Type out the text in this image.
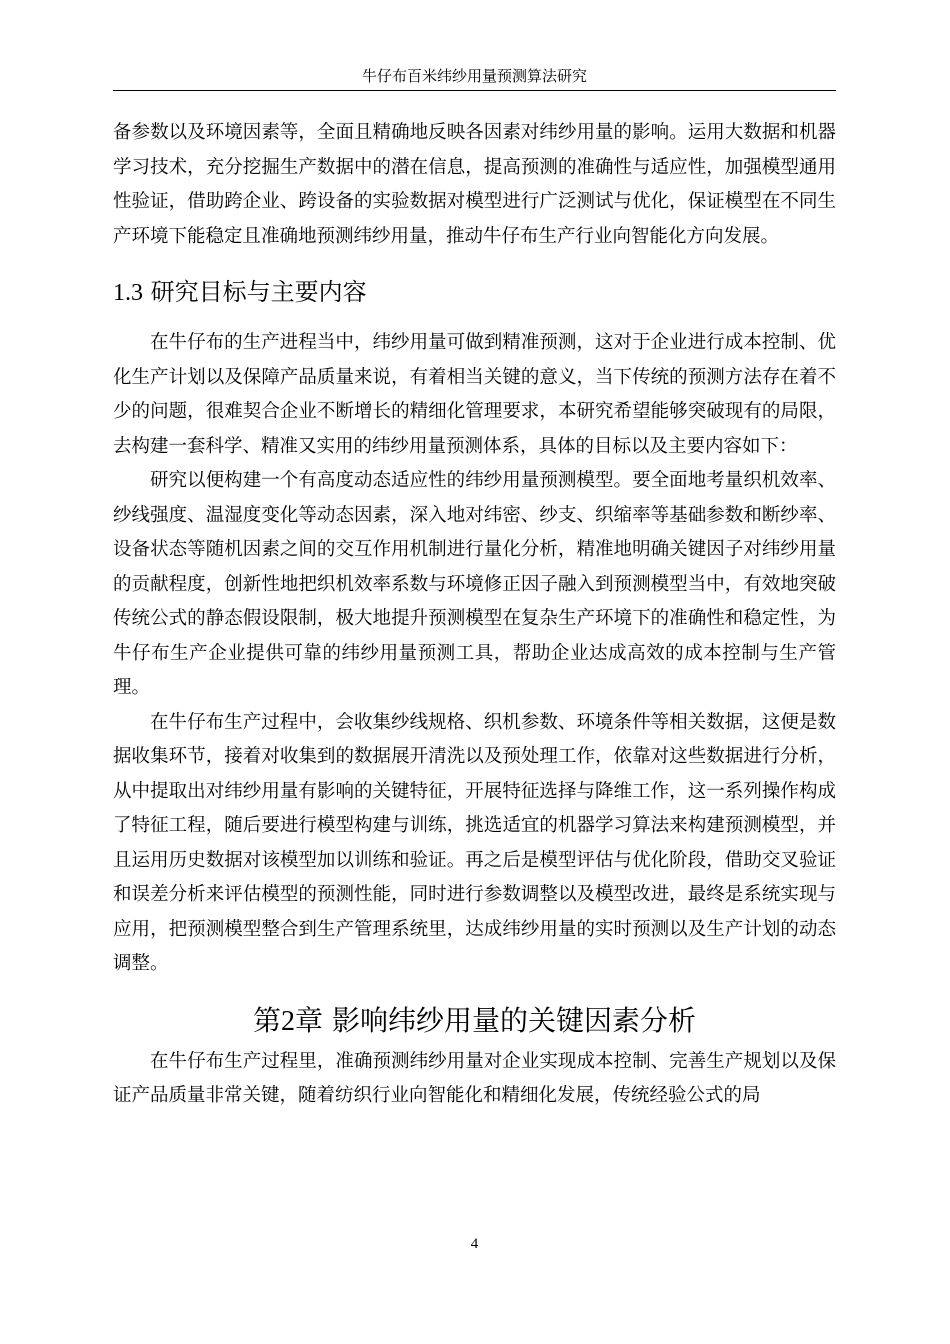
牛仔布百米纬纱用量预测算法研究

备参数以及环境因素等，全面且精确地反映各因素对纬纱用量的影响。运用大数据和机器学习技术，充分挖掘生产数据中的潜在信息，提高预测的准确性与适应性，加强模型通用性验证，借助跨企业、跨设备的实验数据对模型进行广泛测试与优化，保证模型在不同生产环境下能稳定且准确地预测纬纱用量，推动牛仔布生产行业向智能化方向发展。

1.3 研究目标与主要内容

在牛仔布的生产进程当中，纬纱用量可做到精准预测，这对于企业进行成本控制、优化生产计划以及保障产品质量来说，有着相当关键的意义，当下传统的预测方法存在着不少的问题，很难契合企业不断增长的精细化管理要求，本研究希望能够突破现有的局限，去构建一套科学、精准又实用的纬纱用量预测体系，具体的目标以及主要内容如下：

研究以便构建一个有高度动态适应性的纬纱用量预测模型。要全面地考量织机效率、纱线强度、温湿度变化等动态因素，深入地对纬密、纱支、织缩率等基础参数和断纱率、设备状态等随机因素之间的交互作用机制进行量化分析，精准地明确关键因子对纬纱用量的贡献程度，创新性地把织机效率系数与环境修正因子融入到预测模型当中，有效地突破传统公式的静态假设限制，极大地提升预测模型在复杂生产环境下的准确性和稳定性，为牛仔布生产企业提供可靠的纬纱用量预测工具，帮助企业达成高效的成本控制与生产管理。

在牛仔布生产过程中，会收集纱线规格、织机参数、环境条件等相关数据，这便是数据收集环节，接着对收集到的数据展开清洗以及预处理工作，依靠对这些数据进行分析，从中提取出对纬纱用量有影响的关键特征，开展特征选择与降维工作，这一系列操作构成了特征工程，随后要进行模型构建与训练，挑选适宜的机器学习算法来构建预测模型，并且运用历史数据对该模型加以训练和验证。再之后是模型评估与优化阶段，借助交叉验证和误差分析来评估模型的预测性能，同时进行参数调整以及模型改进，最终是系统实现与应用，把预测模型整合到生产管理系统里，达成纬纱用量的实时预测以及生产计划的动态调整。

第2章 影响纬纱用量的关键因素分析

在牛仔布生产过程里，准确预测纬纱用量对企业实现成本控制、完善生产规划以及保证产品质量非常关键，随着纺织行业向智能化和精细化发展，传统经验公式的局

4
